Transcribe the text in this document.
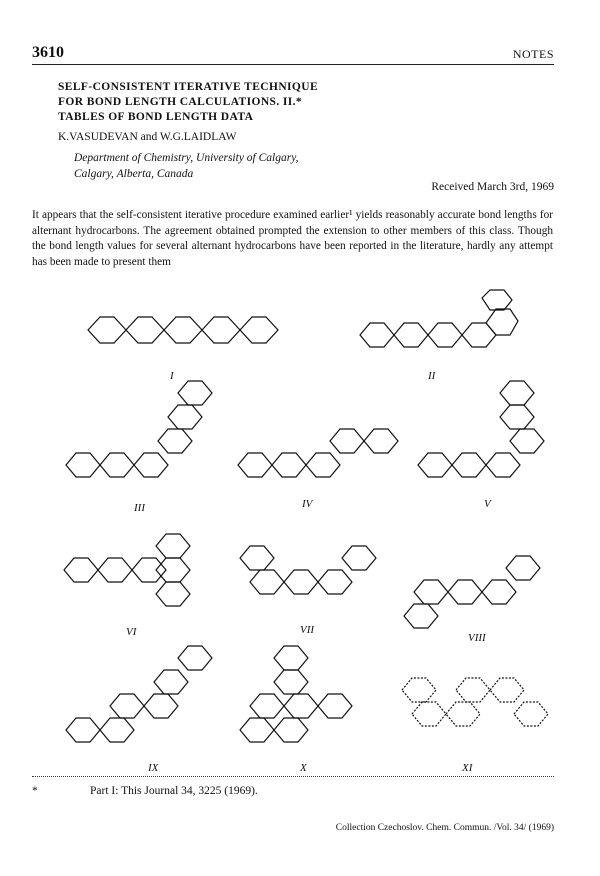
3610	NOTES
SELF-CONSISTENT ITERATIVE TECHNIQUE
FOR BOND LENGTH CALCULATIONS. II.*
TABLES OF BOND LENGTH DATA
K.VASUDEVAN and W.G.LAIDLAW
Department of Chemistry, University of Calgary,
Calgary, Alberta, Canada
Received March 3rd, 1969
It appears that the self-consistent iterative procedure examined earlier¹ yields reasonably accurate bond lengths for alternant hydrocarbons. The agreement obtained prompted the extension to other members of this class. Though the bond length values for several alternant hydrocarbons have been reported in the literature, hardly any attempt has been made to present them
I	II
III	IV	V
VI	VII
VIII
IX	X	XI
*	Part I: This Journal 34, 3225 (1969).
Collection Czechoslov. Chem. Commun. /Vol. 34/ (1969)
